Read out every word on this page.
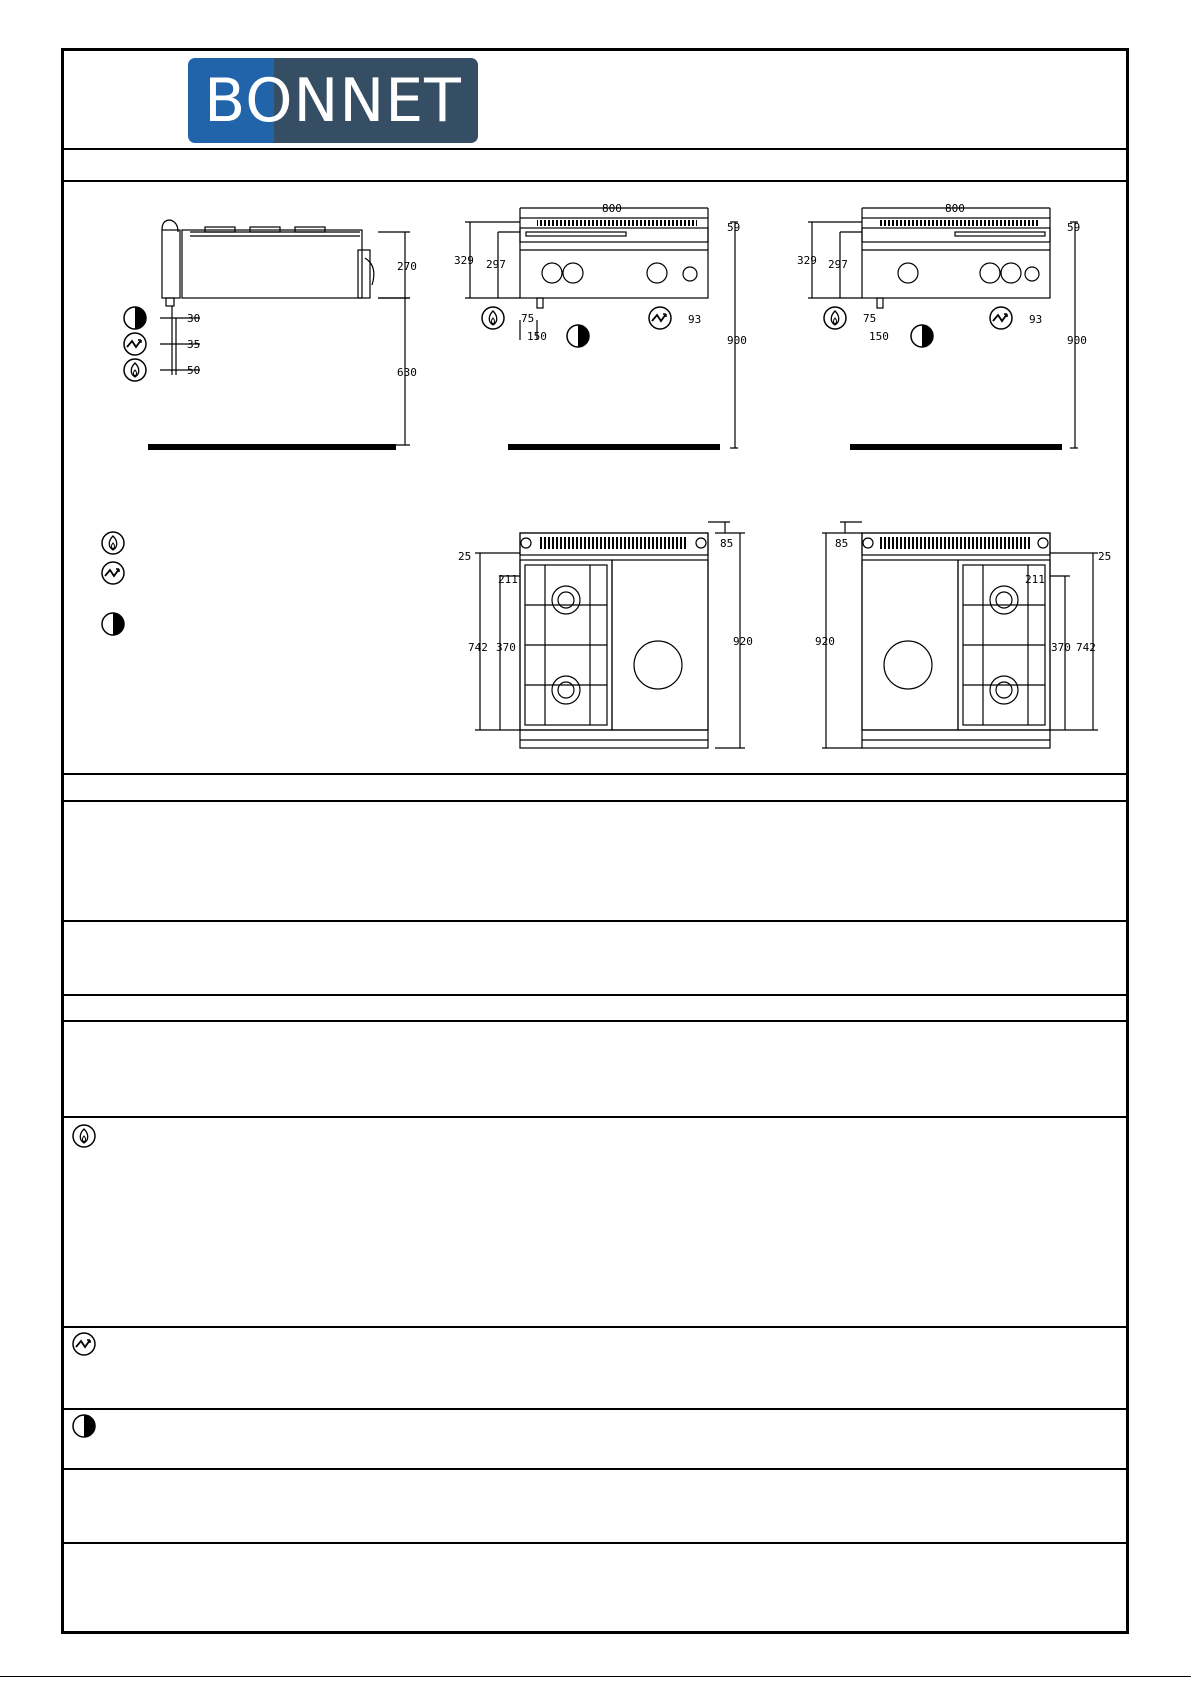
BONNET
30
35
50
270
630
800
59
329 297
900
75
150
93
800
59
329 297
900
75
150
93
25
211
742 370	920
85
25
211
742
370
920
85
